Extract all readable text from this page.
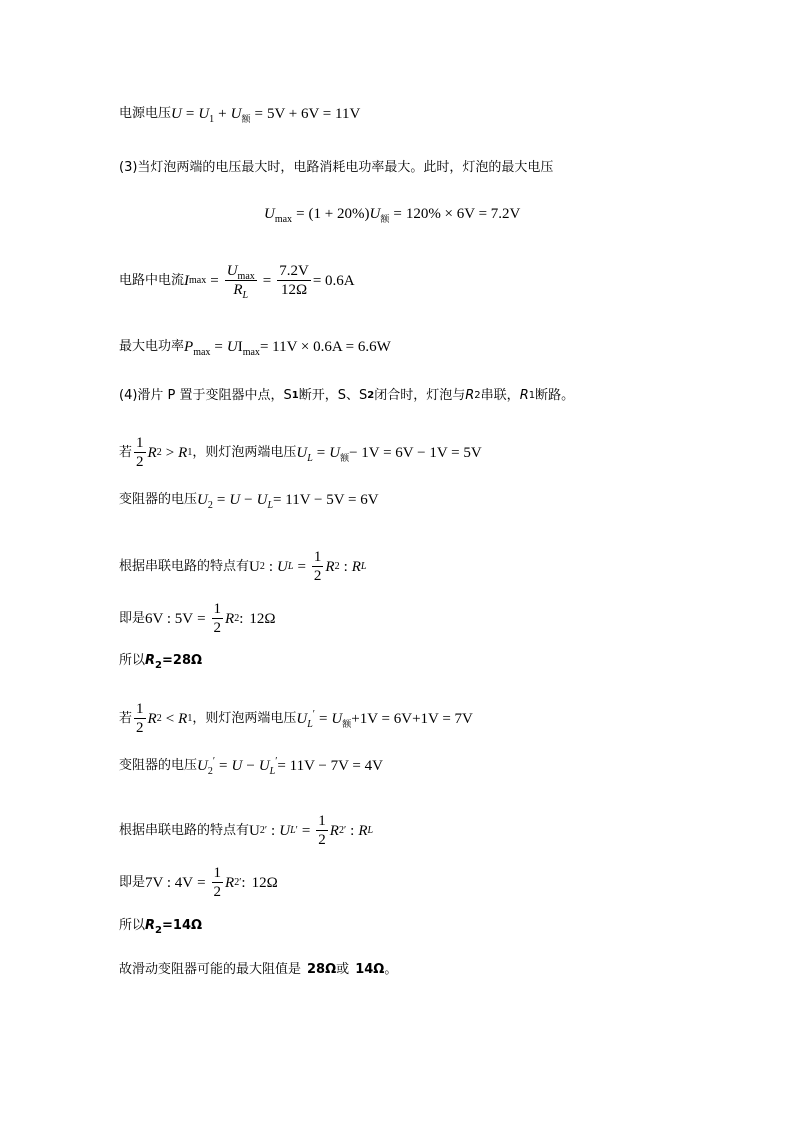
电源电压 $U = U_1 + U_额 = 5V + 6V = 11V$
(3)当灯泡两端的电压最大时，电路消耗电功率最大。此时，灯泡的最大电压
$U_{max} = (1 + 20\%)U_额 = 120\% \times 6V = 7.2V$
电路中电流 I $\max = \frac{U_{max}}{R_L} = \frac{7.2V}{12\Omega} = 0.6A$
最大电功率 $P_{max} = UI_{max}= 11V \times 0.6A = 6.6W$
(4)滑片 P 置于变阻器中点，S 1 断开，S、S 2 闭合时，灯泡与 R 2 串联， R 1 断路。
若 $\frac{1}{2}$ R 2 > R 1 ，则灯泡两端电压 $U_L = U_额- 1V = 6V - 1V = 5V$
变阻器的电压 $U_2 = U - U_L= 11V - 5V = 6V$
根据串联电路的特点有 U 2 : U $L = \frac{1}{2}$ R 2 : R L
即是 6V : $5V = \frac{1}{2}$ R 2 : 12Ω
所以 $R_2=28\Omega$
若 $\frac{1}{2}$ R 2 < R 1 ，则灯泡两端电压 $U_L' = U_额+1V = 6V+1V = 7V$
变阻器的电压 $U_2' = U - U_L'= 11V - 7V = 4V$
根据串联电路的特点有 U 2 ′ : U L ′ = $\frac{1}{2}$ R 2 ′ : R L
即是 7V : $4V = \frac{1}{2}$ R 2 ′ : 12Ω
所以 $R_2=14\Omega$
故滑动变阻器可能的最大阻值是 28Ω 或 14Ω 。
